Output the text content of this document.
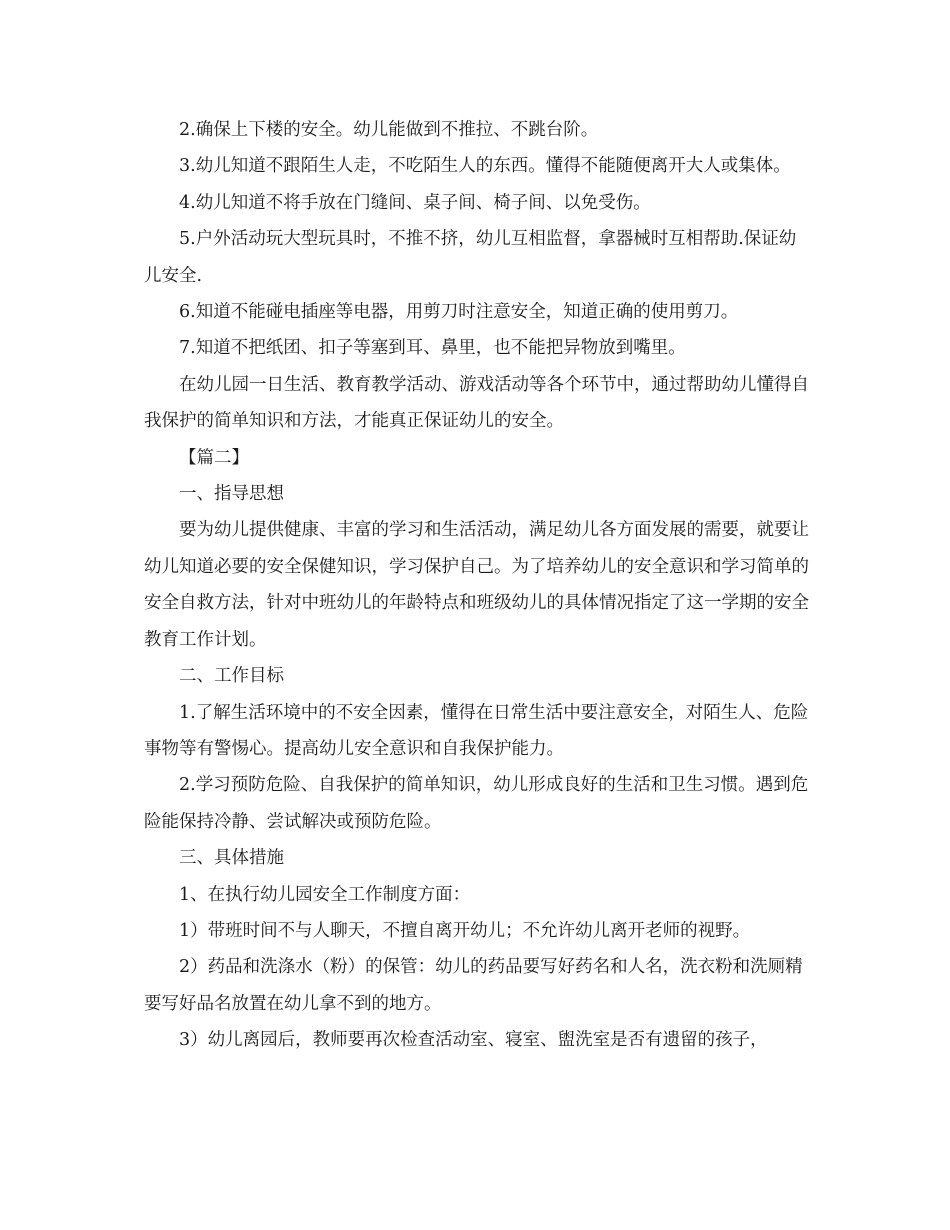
2.确保上下楼的安全。幼儿能做到不推拉、不跳台阶。

3.幼儿知道不跟陌生人走，不吃陌生人的东西。懂得不能随便离开大人或集体。

4.幼儿知道不将手放在门缝间、桌子间、椅子间、以免受伤。

5.户外活动玩大型玩具时，不推不挤，幼儿互相监督，拿器械时互相帮助.保证幼儿安全.

6.知道不能碰电插座等电器，用剪刀时注意安全，知道正确的使用剪刀。

7.知道不把纸团、扣子等塞到耳、鼻里，也不能把异物放到嘴里。

在幼儿园一日生活、教育教学活动、游戏活动等各个环节中，通过帮助幼儿懂得自我保护的简单知识和方法，才能真正保证幼儿的安全。

【篇二】

一、指导思想

要为幼儿提供健康、丰富的学习和生活活动，满足幼儿各方面发展的需要，就要让幼儿知道必要的安全保健知识，学习保护自己。为了培养幼儿的安全意识和学习简单的安全自救方法，针对中班幼儿的年龄特点和班级幼儿的具体情况指定了这一学期的安全教育工作计划。

二、工作目标

1.了解生活环境中的不安全因素，懂得在日常生活中要注意安全，对陌生人、危险事物等有警惕心。提高幼儿安全意识和自我保护能力。

2.学习预防危险、自我保护的简单知识，幼儿形成良好的生活和卫生习惯。遇到危险能保持冷静、尝试解决或预防危险。

三、具体措施

1、在执行幼儿园安全工作制度方面：

1）带班时间不与人聊天，不擅自离开幼儿；不允许幼儿离开老师的视野。

2）药品和洗涤水（粉）的保管：幼儿的药品要写好药名和人名，洗衣粉和洗厕精要写好品名放置在幼儿拿不到的地方。

3）幼儿离园后，教师要再次检查活动室、寝室、盥洗室是否有遗留的孩子，
